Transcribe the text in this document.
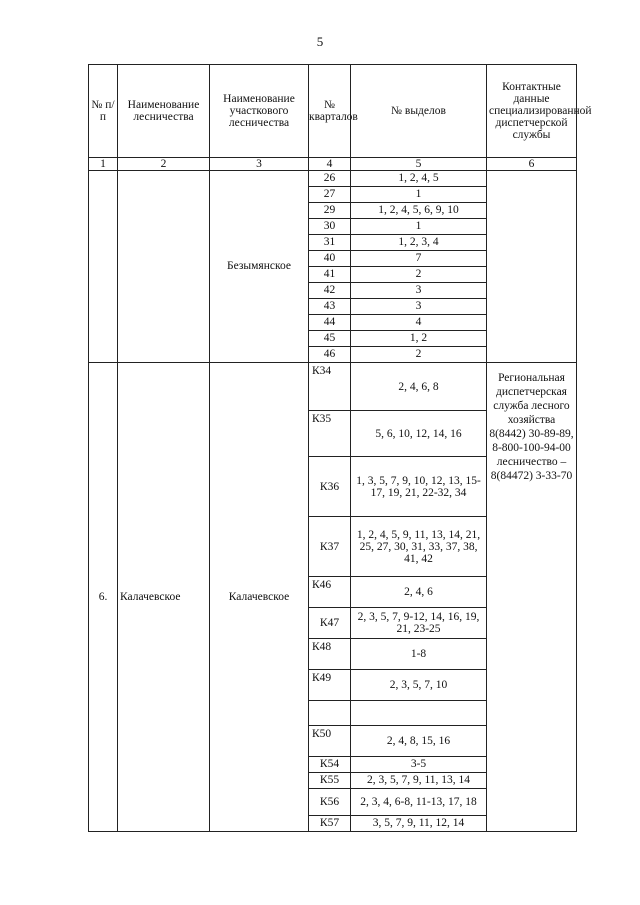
5
№ п/п	Наименование лесничества	Наименование участкового лесничества	№ кварталов	№ выделов	Контактные данные специализированной диспетчерской службы
1	2	3	4	5	6
		Безымянское	26	1, 2, 4, 5	
			27	1	
			29	1, 2, 4, 5, 6, 9, 10	
			30	1	
			31	1, 2, 3, 4	
			40	7	
			41	2	
			42	3	
			43	3	
			44	4	
			45	1, 2	
			46	2	
6.	Калачевское	Калачевское	К34	2, 4, 6, 8	Региональная диспетчерская служба лесного хозяйства 8(8442) 30-89-89, 8-800-100-94-00 лесничество – 8(84472) 3-33-70
			К35	5, 6, 10, 12, 14, 16	
			К36	1, 3, 5, 7, 9, 10, 12, 13, 15-17, 19, 21, 22-32, 34	
			К37	1, 2, 4, 5, 9, 11, 13, 14, 21, 25, 27, 30, 31, 33, 37, 38, 41, 42	
			К46	2, 4, 6	
			К47	2, 3, 5, 7, 9-12, 14, 16, 19, 21, 23-25	
			К48	1-8	
			К49	2, 3, 5, 7, 10	

			К50	2, 4, 8, 15, 16	
			К54	3-5	
			К55	2, 3, 5, 7, 9, 11, 13, 14	
			К56	2, 3, 4, 6-8, 11-13, 17, 18	
			К57	3, 5, 7, 9, 11, 12, 14	
